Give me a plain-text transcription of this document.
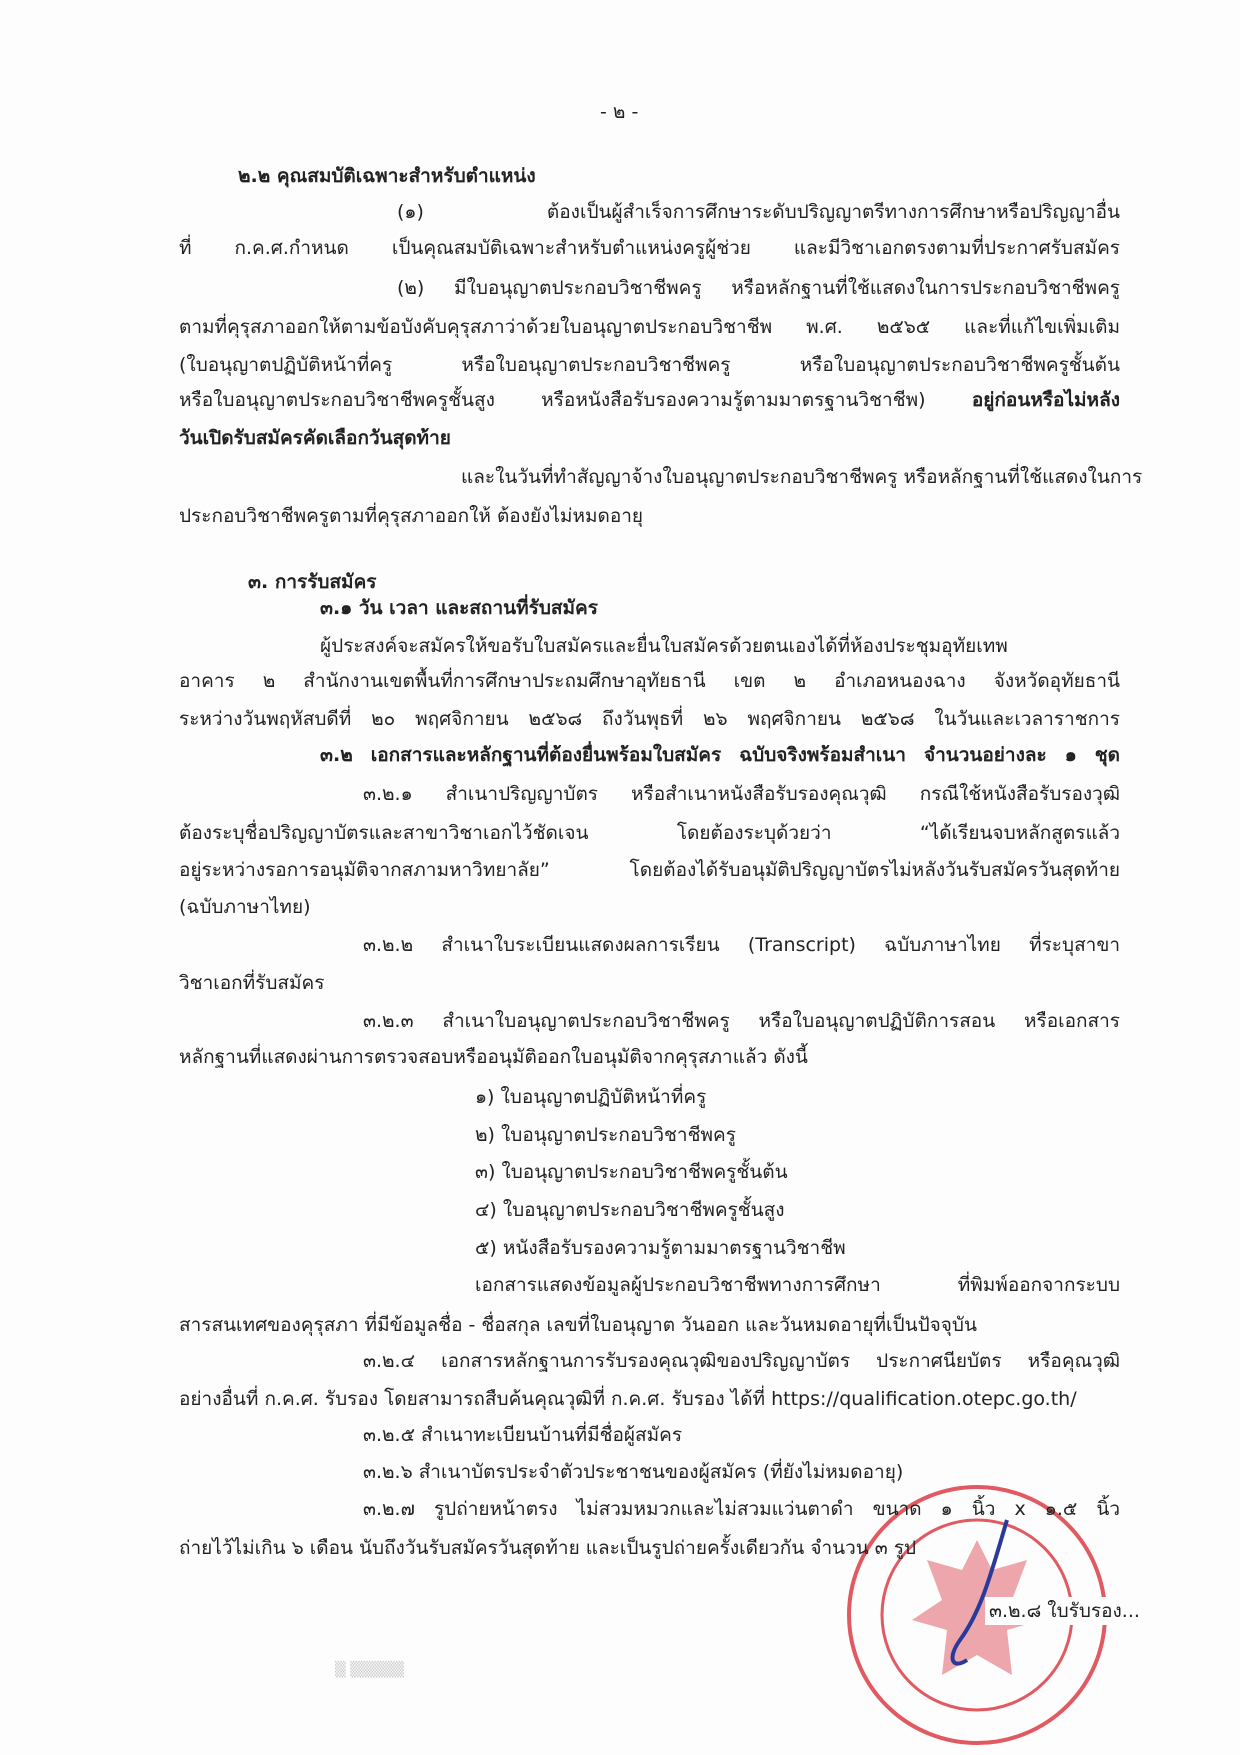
- ๒ -
๒.๒ คุณสมบัติเฉพาะสำหรับตำแหน่ง
(๑) ต้องเป็นผู้สำเร็จการศึกษาระดับปริญญาตรีทางการศึกษาหรือปริญญาอื่น
ที่ ก.ค.ศ.กำหนด เป็นคุณสมบัติเฉพาะสำหรับตำแหน่งครูผู้ช่วย และมีวิชาเอกตรงตามที่ประกาศรับสมัคร
(๒) มีใบอนุญาตประกอบวิชาชีพครู หรือหลักฐานที่ใช้แสดงในการประกอบวิชาชีพครู
ตามที่คุรุสภาออกให้ตามข้อบังคับคุรุสภาว่าด้วยใบอนุญาตประกอบวิชาชีพ พ.ศ. ๒๕๖๕ และที่แก้ไขเพิ่มเติม
(ใบอนุญาตปฏิบัติหน้าที่ครู หรือใบอนุญาตประกอบวิชาชีพครู หรือใบอนุญาตประกอบวิชาชีพครูชั้นต้น
หรือใบอนุญาตประกอบวิชาชีพครูชั้นสูง หรือหนังสือรับรองความรู้ตามมาตรฐานวิชาชีพ) อยู่ก่อนหรือไม่หลัง
วันเปิดรับสมัครคัดเลือกวันสุดท้าย
และในวันที่ทำสัญญาจ้างใบอนุญาตประกอบวิชาชีพครู หรือหลักฐานที่ใช้แสดงในการ
ประกอบวิชาชีพครูตามที่คุรุสภาออกให้ ต้องยังไม่หมดอายุ
๓. การรับสมัคร
๓.๑ วัน เวลา และสถานที่รับสมัคร
ผู้ประสงค์จะสมัครให้ขอรับใบสมัครและยื่นใบสมัครด้วยตนเองได้ที่ห้องประชุมอุทัยเทพ
อาคาร ๒ สำนักงานเขตพื้นที่การศึกษาประถมศึกษาอุทัยธานี เขต ๒ อำเภอหนองฉาง จังหวัดอุทัยธานี
ระหว่างวันพฤหัสบดีที่ ๒๐ พฤศจิกายน ๒๕๖๘ ถึงวันพุธที่ ๒๖ พฤศจิกายน ๒๕๖๘ ในวันและเวลาราชการ
๓.๒ เอกสารและหลักฐานที่ต้องยื่นพร้อมใบสมัคร ฉบับจริงพร้อมสำเนา จำนวนอย่างละ ๑ ชุด
๓.๒.๑ สำเนาปริญญาบัตร หรือสำเนาหนังสือรับรองคุณวุฒิ กรณีใช้หนังสือรับรองวุฒิ
ต้องระบุชื่อปริญญาบัตรและสาขาวิชาเอกไว้ชัดเจน โดยต้องระบุด้วยว่า “ได้เรียนจบหลักสูตรแล้ว
อยู่ระหว่างรอการอนุมัติจากสภามหาวิทยาลัย” โดยต้องได้รับอนุมัติปริญญาบัตรไม่หลังวันรับสมัครวันสุดท้าย
(ฉบับภาษาไทย)
๓.๒.๒ สำเนาใบระเบียนแสดงผลการเรียน (Transcript) ฉบับภาษาไทย ที่ระบุสาขา
วิชาเอกที่รับสมัคร
๓.๒.๓ สำเนาใบอนุญาตประกอบวิชาชีพครู หรือใบอนุญาตปฏิบัติการสอน หรือเอกสาร
หลักฐานที่แสดงผ่านการตรวจสอบหรืออนุมัติออกใบอนุมัติจากคุรุสภาแล้ว ดังนี้
๑) ใบอนุญาตปฏิบัติหน้าที่ครู
๒) ใบอนุญาตประกอบวิชาชีพครู
๓) ใบอนุญาตประกอบวิชาชีพครูชั้นต้น
๔) ใบอนุญาตประกอบวิชาชีพครูชั้นสูง
๕) หนังสือรับรองความรู้ตามมาตรฐานวิชาชีพ
เอกสารแสดงข้อมูลผู้ประกอบวิชาชีพทางการศึกษา ที่พิมพ์ออกจากระบบ
สารสนเทศของคุรุสภา ที่มีข้อมูลชื่อ - ชื่อสกุล เลขที่ใบอนุญาต วันออก และวันหมดอายุที่เป็นปัจจุบัน
๓.๒.๔ เอกสารหลักฐานการรับรองคุณวุฒิของปริญญาบัตร ประกาศนียบัตร หรือคุณวุฒิ
อย่างอื่นที่ ก.ค.ศ. รับรอง โดยสามารถสืบค้นคุณวุฒิที่ ก.ค.ศ. รับรอง ได้ที่ https://qualification.otepc.go.th/
๓.๒.๕ สำเนาทะเบียนบ้านที่มีชื่อผู้สมัคร
๓.๒.๖ สำเนาบัตรประจำตัวประชาชนของผู้สมัคร (ที่ยังไม่หมดอายุ)
๓.๒.๗ รูปถ่ายหน้าตรง ไม่สวมหมวกและไม่สวมแว่นตาดำ ขนาด ๑ นิ้ว x ๑.๕ นิ้ว
ถ่ายไว้ไม่เกิน ๖ เดือน นับถึงวันรับสมัครวันสุดท้าย และเป็นรูปถ่ายครั้งเดียวกัน จำนวน ๓ รูป
๓.๒.๘ ใบรับรอง...
▒ ▒▒▒▒▒
